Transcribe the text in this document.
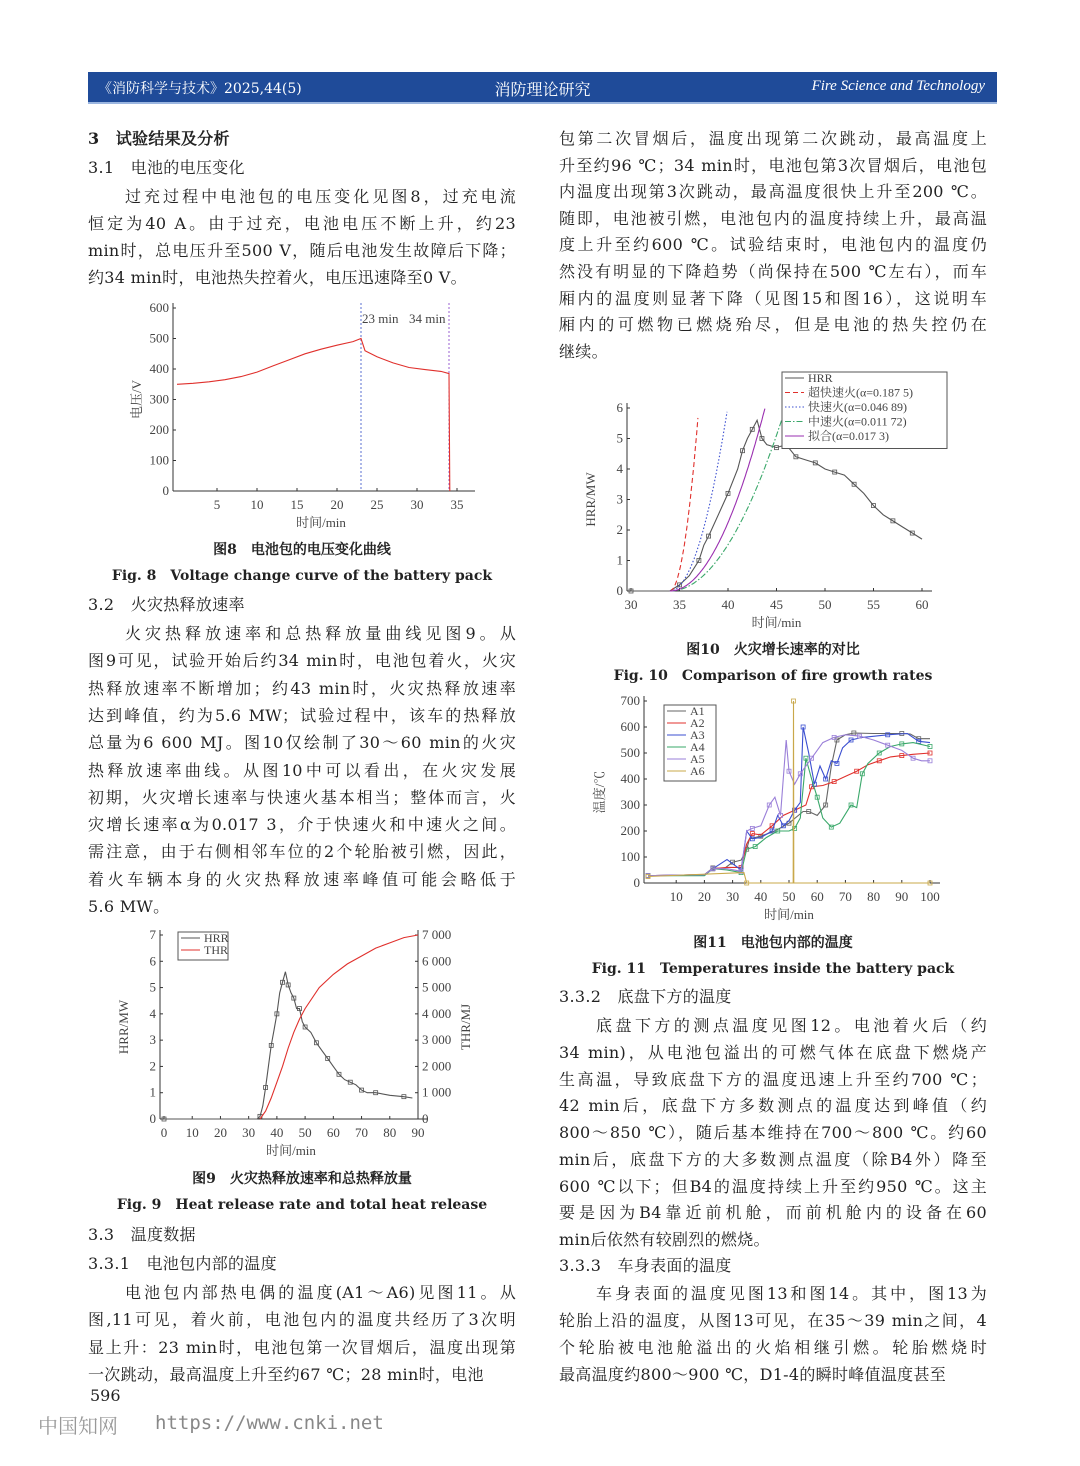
《消防科学与技术》2025,44(5)	消防理论研究	Fire Science and Technology
3　试验结果及分析
3.1　电池的电压变化
过充过程中电池包的电压变化见图8，过充电流
恒定为40 A。由于过充，电池电压不断上升，约23
min时，总电压升至500 V，随后电池发生故障后下降；
约34 min时，电池热失控着火，电压迅速降至0 V。
3.2　火灾热释放速率
火灾热释放速率和总热释放量曲线见图9。从
图9可见，试验开始后约34 min时，电池包着火，火灾
热释放速率不断增加；约43 min时，火灾热释放速率
达到峰值，约为5.6 MW；试验过程中，该车的热释放
总量为6 600 MJ。图10仅绘制了30～60 min的火灾
热释放速率曲线。从图10中可以看出，在火灾发展
初期，火灾增长速率与快速火基本相当；整体而言，火
灾增长速率α为0.017 3，介于快速火和中速火之间。
需注意，由于右侧相邻车位的2个轮胎被引燃，因此，
着火车辆本身的火灾热释放速率峰值可能会略低于
5.6 MW。
3.3　温度数据
3.3.1　电池包内部的温度
电池包内部热电偶的温度(A1～A6)见图11。从
图,11可见，着火前，电池包内的温度共经历了3次明
显上升：23 min时，电池包第一次冒烟后，温度出现第
一次跳动，最高温度上升至约67 ℃；28 min时，电池
包第二次冒烟后，温度出现第二次跳动，最高温度上
升至约96 ℃；34 min时，电池包第3次冒烟后，电池包
内温度出现第3次跳动，最高温度很快上升至200 ℃。
随即，电池被引燃，电池包内的温度持续上升，最高温
度上升至约600 ℃。试验结束时，电池包内的温度仍
然没有明显的下降趋势（尚保持在500 ℃左右），而车
厢内的温度则显著下降（见图15和图16），这说明车
厢内的可燃物已燃烧殆尽，但是电池的热失控仍在
继续。
3.3.2　底盘下方的温度
底盘下方的测点温度见图12。电池着火后（约
34 min)，从电池包溢出的可燃气体在底盘下燃烧产
生高温，导致底盘下方的温度迅速上升至约700 ℃；
42 min后，底盘下方多数测点的温度达到峰值（约
800～850 ℃），随后基本维持在700～800 ℃。约60
min后，底盘下方的大多数测点温度（除B4外）降至
600 ℃以下；但B4的温度持续上升至约950 ℃。这主
要是因为B4靠近前机舱，而前机舱内的设备在60
min后依然有较剧烈的燃烧。
3.3.3　车身表面的温度
车身表面的温度见图13和图14。其中，图13为
轮胎上沿的温度，从图13可见，在35～39 min之间，4
个轮胎被电池舱溢出的火焰相继引燃。轮胎燃烧时
最高温度约800～900 ℃，D1-4的瞬时峰值温度甚至
图8　电池包的电压变化曲线
Fig. 8　Voltage change curve of the battery pack
图9　火灾热释放速率和总热释放量
Fig. 9　Heat release rate and total heat release
图10　火灾增长速率的对比
Fig. 10　Comparison of fire growth rates
图11　电池包内部的温度
Fig. 11　Temperatures inside the battery pack
5 10 15 20 25 30 35
0
100
200
300
400
500
600
时间/min
电压/V
23 min 34 min
0 10 20 30 40 50 60 70 80 90
0
1
2
3
4
5
6
7
时间/min
HRR/MW
0
1 000
2 000
3 000
4 000
5 000
6 000
7 000
THR/MJ
HRR
THR
30	35	40	45	50	55	60
0
1
2
3
4
5
6
时间/min
HRR/MW
HRR
超快速火(α=0.187 5)
快速火(α=0.046 89)
中速火(α=0.011 72)
拟合(α=0.017 3)
10 20 30 40 50 60 70 80 90 100
0
100
200
300
400
500
600
700
时间/min
温度/℃
A1
A2
A3
A4
A5
A6
中国知网
596
https://www.cnki.net
